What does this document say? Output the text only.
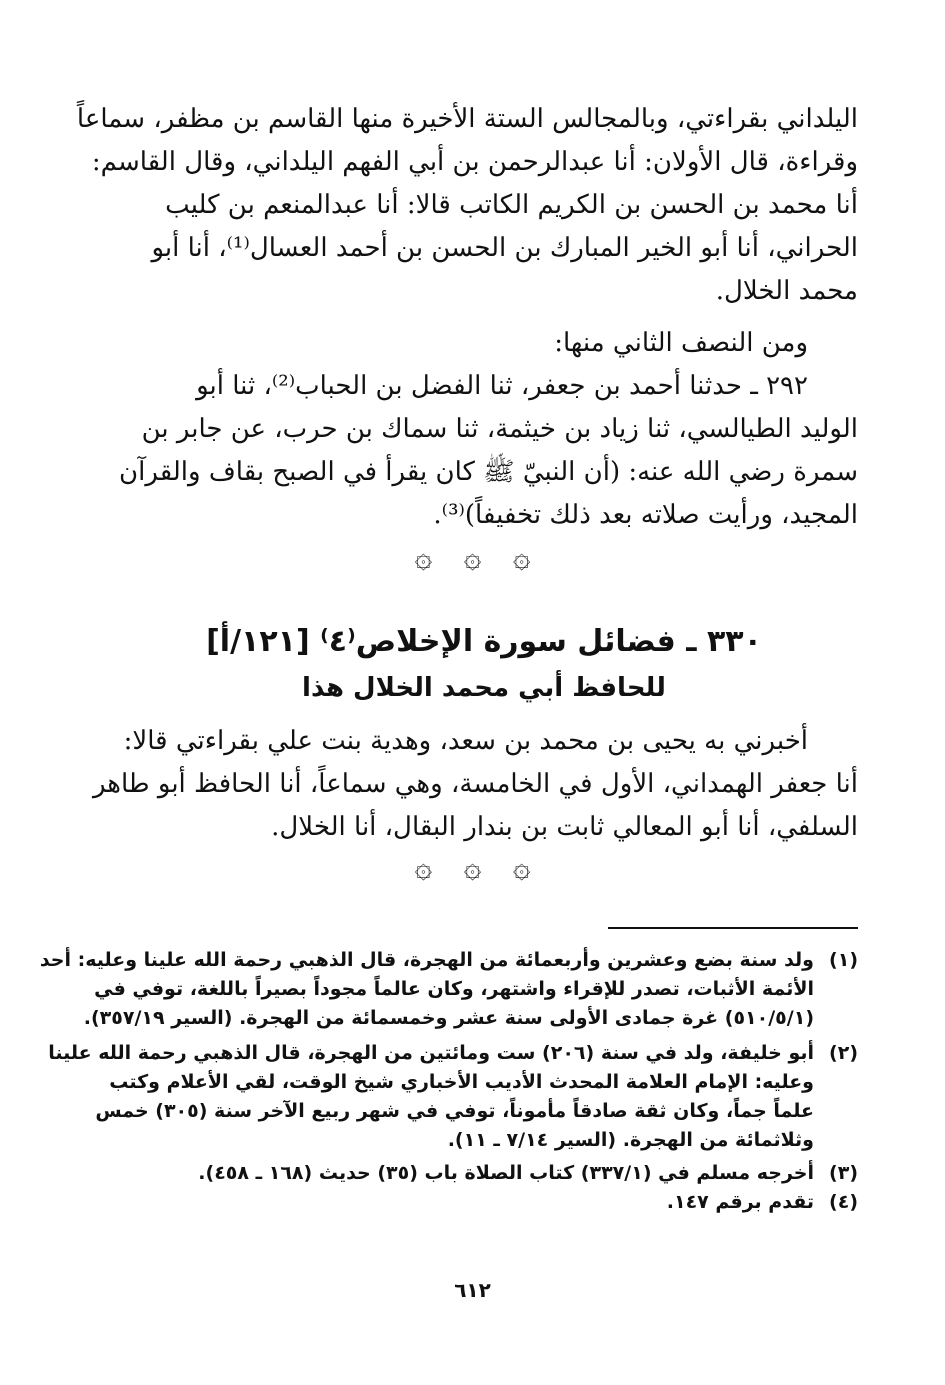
اليلداني بقراءتي، وبالمجالس الستة الأخيرة منها القاسم بن مظفر، سماعاً
وقراءة، قال الأولان: أنا عبدالرحمن بن أبي الفهم اليلداني، وقال القاسم:
أنا محمد بن الحسن بن الكريم الكاتب قالا: أنا عبدالمنعم بن كليب
الحراني، أنا أبو الخير المبارك بن الحسن بن أحمد العسال⁽¹⁾، أنا أبو
محمد الخلال.
ومن النصف الثاني منها:
٢٩٢ ـ حدثنا أحمد بن جعفر، ثنا الفضل بن الحباب⁽²⁾، ثنا أبو
الوليد الطيالسي، ثنا زياد بن خيثمة، ثنا سماك بن حرب، عن جابر بن
سمرة رضي الله عنه: (أن النبيّ ﷺ كان يقرأ في الصبح بقاف والقرآن
المجيد، ورأيت صلاته بعد ذلك تخفيفاً)⁽³⁾.
۞ ۞ ۞
٣٣٠ ـ فضائل سورة الإخلاص⁽٤⁾ [١٢١/أ]
للحافظ أبي محمد الخلال هذا
أخبرني به يحيى بن محمد بن سعد، وهدية بنت علي بقراءتي قالا:
أنا جعفر الهمداني، الأول في الخامسة، وهي سماعاً، أنا الحافظ أبو طاهر
السلفي، أنا أبو المعالي ثابت بن بندار البقال، أنا الخلال.
۞ ۞ ۞
(١)
ولد سنة بضع وعشرين وأربعمائة من الهجرة، قال الذهبي رحمة الله علينا وعليه: أحد
الأئمة الأثبات، تصدر للإقراء واشتهر، وكان عالماً مجوداً بصيراً باللغة، توفي في
(٥١٠/٥/١) غرة جمادى الأولى سنة عشر وخمسمائة من الهجرة. (السير ٣٥٧/١٩).
(٢)
أبو خليفة، ولد في سنة (٢٠٦) ست ومائتين من الهجرة، قال الذهبي رحمة الله علينا
وعليه: الإمام العلامة المحدث الأديب الأخباري شيخ الوقت، لقي الأعلام وكتب
علماً جماً، وكان ثقة صادقاً مأموناً، توفي في شهر ربيع الآخر سنة (٣٠٥) خمس
وثلاثمائة من الهجرة. (السير ٧/١٤ ـ ١١).
(٣)
أخرجه مسلم في (٣٣٧/١) كتاب الصلاة باب (٣٥) حديث (١٦٨ ـ ٤٥٨).
(٤)
تقدم برقم ١٤٧.
٦١٢
